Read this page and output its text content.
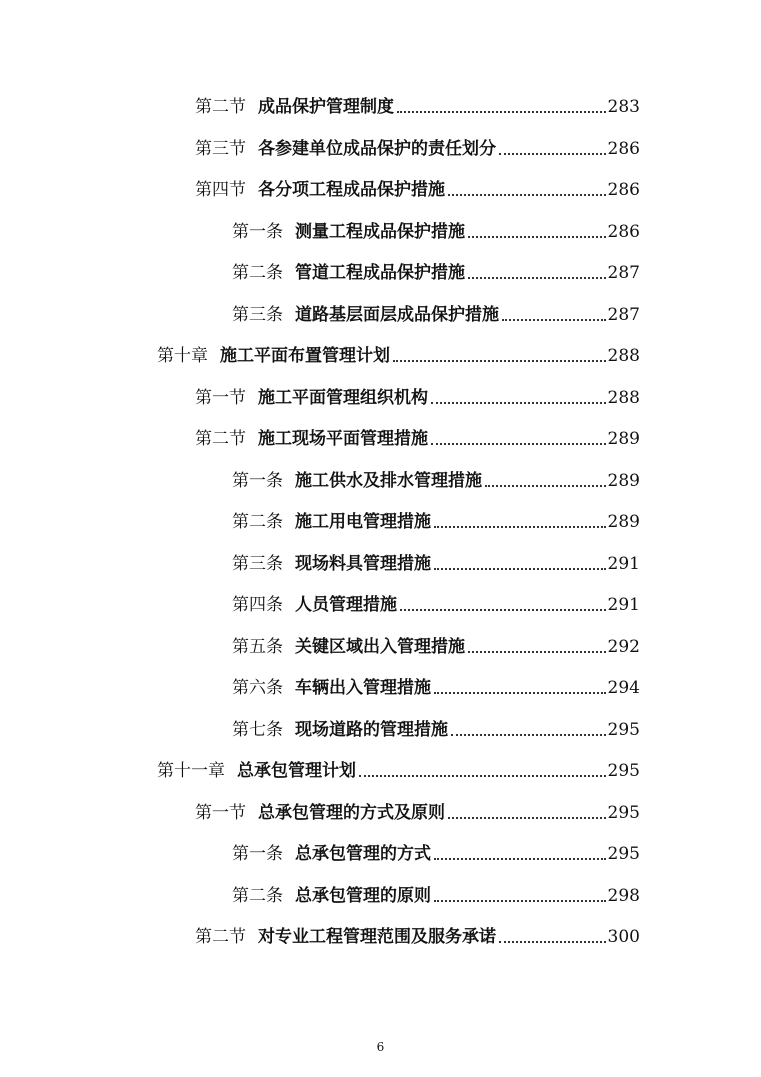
第二节 成品保护管理制度	283
第三节 各参建单位成品保护的责任划分	286
第四节 各分项工程成品保护措施	286
第一条 测量工程成品保护措施	286
第二条 管道工程成品保护措施	287
第三条 道路基层面层成品保护措施	287
第十章 施工平面布置管理计划	288
第一节 施工平面管理组织机构	288
第二节 施工现场平面管理措施	289
第一条 施工供水及排水管理措施	289
第二条 施工用电管理措施	289
第三条 现场料具管理措施	291
第四条 人员管理措施	291
第五条 关键区域出入管理措施	292
第六条 车辆出入管理措施	294
第七条 现场道路的管理措施	295
第十一章 总承包管理计划	295
第一节 总承包管理的方式及原则	295
第一条 总承包管理的方式	295
第二条 总承包管理的原则	298
第二节 对专业工程管理范围及服务承诺	300
6
